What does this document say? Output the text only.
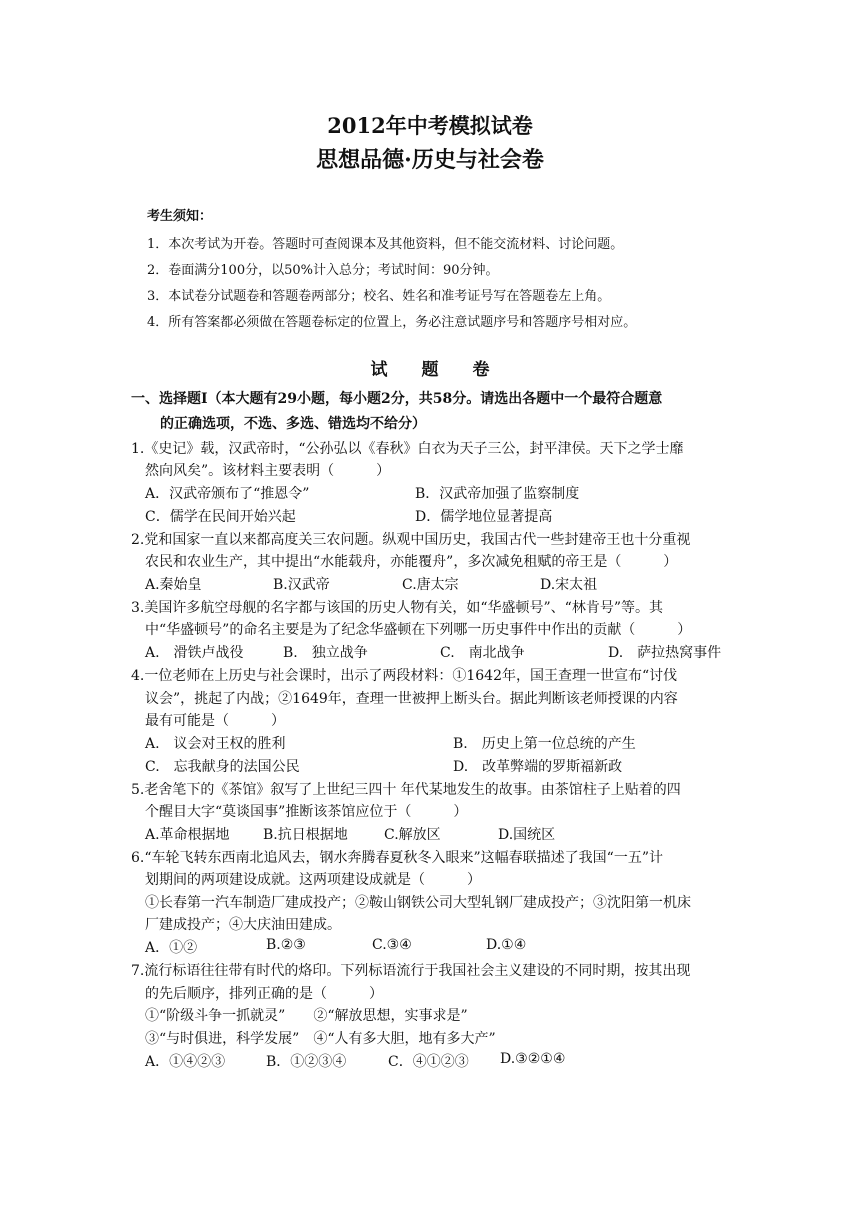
2012年中考模拟试卷
思想品德·历史与社会卷
考生须知：
1．本次考试为开卷。答题时可查阅课本及其他资料，但不能交流材料、讨论问题。
2．卷面满分100分，以50%计入总分；考试时间：90分钟。
3．本试卷分试题卷和答题卷两部分；校名、姓名和准考证号写在答题卷左上角。
4．所有答案都必须做在答题卷标定的位置上，务必注意试题序号和答题序号相对应。
试题卷
一、选择题Ⅰ（本大题有29小题，每小题2分，共58分。请选出各题中一个最符合题意
的正确选项，不选、多选、错选均不给分）
1.《史记》载，汉武帝时，“公孙弘以《春秋》白衣为天子三公，封平津侯。天下之学士靡
然向风矣”。该材料主要表明（　　　）
A．汉武帝颁布了“推恩令”	B．汉武帝加强了监察制度
C．儒学在民间开始兴起	D．儒学地位显著提高
2.党和国家一直以来都高度关三农问题。纵观中国历史，我国古代一些封建帝王也十分重视
农民和农业生产，其中提出“水能载舟，亦能覆舟”，多次减免租赋的帝王是（　　　）
A.秦始皇	B.汉武帝	C.唐太宗	D.宋太祖
3.美国许多航空母舰的名字都与该国的历史人物有关，如“华盛顿号”、“林肯号”等。其
中“华盛顿号”的命名主要是为了纪念华盛顿在下列哪一历史事件中作出的贡献（　　　）
A.　滑铁卢战役	B.　独立战争	C.　南北战争	D.　萨拉热窝事件
4.一位老师在上历史与社会课时，出示了两段材料：①1642年，国王查理一世宣布“讨伐
议会”，挑起了内战；②1649年，查理一世被押上断头台。据此判断该老师授课的内容
最有可能是（　　　）
A.　议会对王权的胜利	B.　历史上第一位总统的产生
C.　忘我献身的法国公民	D.　改革弊端的罗斯福新政
5.老舍笔下的《茶馆》叙写了上世纪三四十 年代某地发生的故事。由茶馆柱子上贴着的四
个醒目大字“莫谈国事”推断该茶馆应位于（　　　）
A.革命根据地 B.抗日根据地	C.解放区	D.国统区
6.“车轮飞转东西南北追风去，钢水奔腾春夏秋冬入眼来”这幅春联描述了我国“一五”计
划期间的两项建设成就。这两项建设成就是（　　　）
①长春第一汽车制造厂建成投产；②鞍山钢铁公司大型轧钢厂建成投产；③沈阳第一机床
厂建成投产；④大庆油田建成。
A．①②	B.②③	C.③④	D.①④
7.流行标语往往带有时代的烙印。下列标语流行于我国社会主义建设的不同时期，按其出现
的先后顺序，排列正确的是（　　　）
①“阶级斗争一抓就灵”　　②“解放思想，实事求是”
③“与时俱进，科学发展”　④“人有多大胆，地有多大产”
A．①④②③	B．①②③④	C．④①②③ D.③②①④
